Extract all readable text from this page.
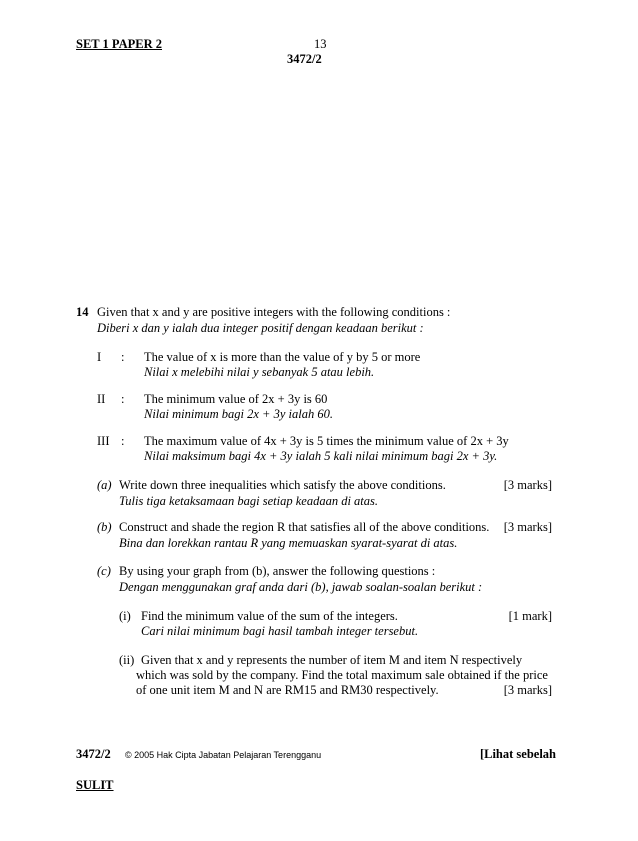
SET 1 PAPER 2	13
3472/2
14 Given that x and y are positive integers with the following conditions :
Diberi x dan y ialah dua integer positif dengan keadaan berikut :
I : The value of x is more than the value of y by 5 or more
Nilai x melebihi nilai y sebanyak 5 atau lebih.
II : The minimum value of 2x + 3y is 60
Nilai minimum bagi 2x + 3y ialah 60.
III : The maximum value of 4x + 3y is 5 times the minimum value of 2x + 3y
Nilai maksimum bagi 4x + 3y ialah 5 kali nilai minimum bagi 2x + 3y.
(a) Write down three inequalities which satisfy the above conditions.
Tulis tiga ketaksamaan bagi setiap keadaan di atas.
[3 marks]
(b) Construct and shade the region R that satisfies all of the above conditions.
Bina dan lorekkan rantau R yang memuaskan syarat-syarat di atas.
[3 marks]
(c) By using your graph from (b), answer the following questions :
Dengan menggunakan graf anda dari (b), jawab soalan-soalan berikut :
(i) Find the minimum value of the sum of the integers.
Cari nilai minimum bagi hasil tambah integer tersebut.
[1 mark]
(ii) Given that x and y represents the number of item M and item N respectively
which was sold by the company. Find the total maximum sale obtained if the price
of one unit item M and N are RM15 and RM30 respectively.	[3 marks]
3472/2 © 2005 Hak Cipta Jabatan Pelajaran Terengganu	[Lihat sebelah
SULIT
